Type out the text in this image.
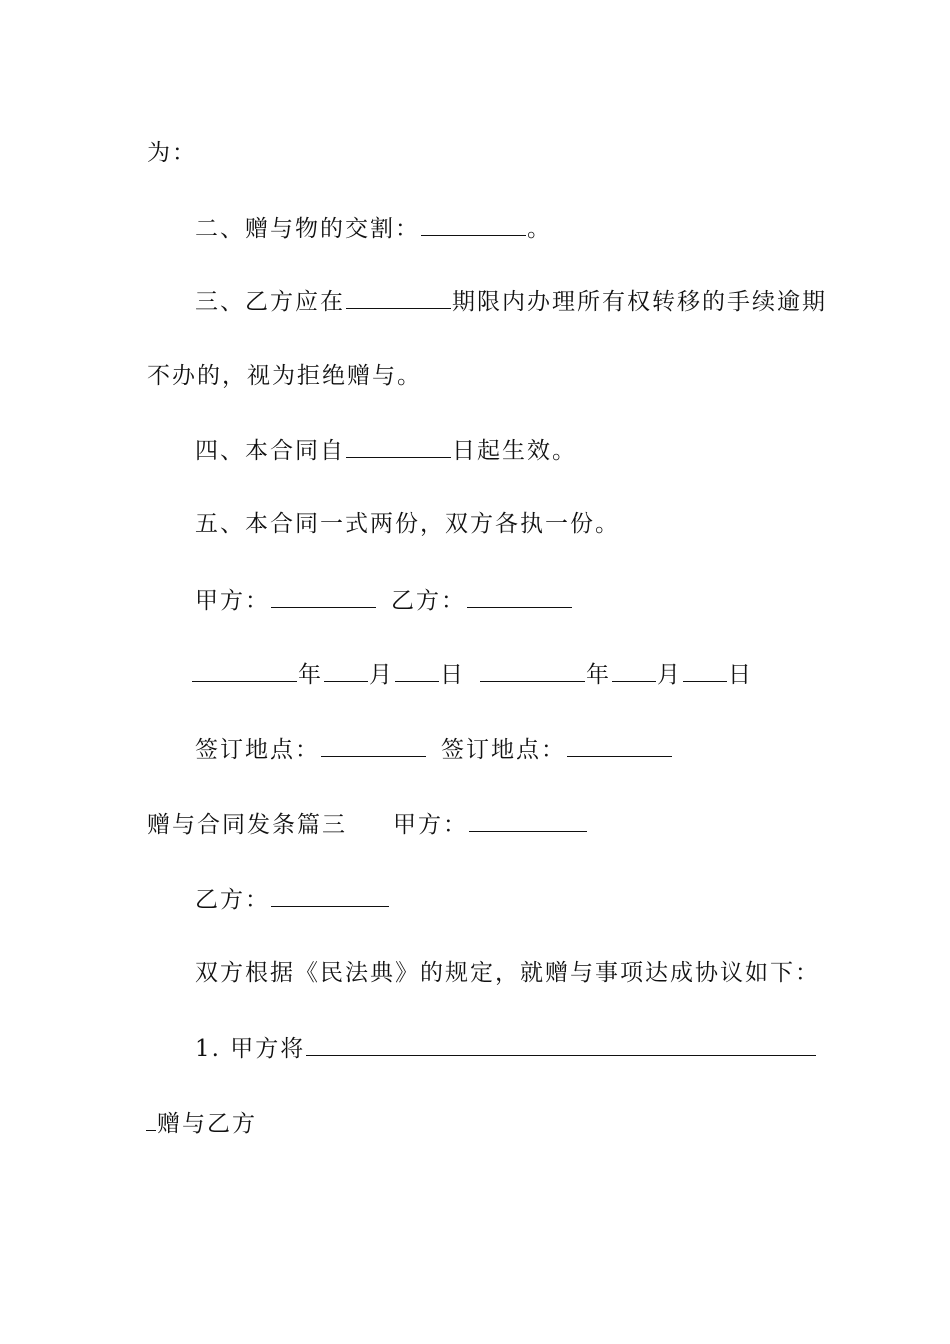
为：
二、赠与物的交割：	。
三、乙方应在	期限内办理所有权转移的手续逾期
不办的，视为拒绝赠与。
四、本合同自	日起生效。
五、本合同一式两份，双方各执一份。
甲方：	乙方：
年 月 日	年 月 日
签订地点：	签订地点：
赠与合同发条篇三 甲方：
乙方：
双方根据《民法典》的规定，就赠与事项达成协议如下：
1. 甲方将
赠与乙方
